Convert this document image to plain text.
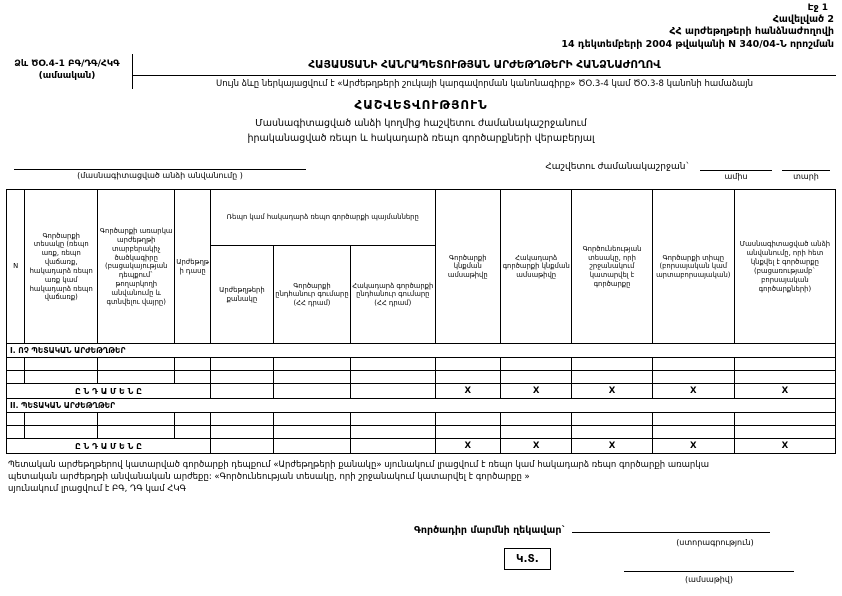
Էջ 1
Հավելված 2
ՀՀ արժեթղթերի հանձնաժողովի
14 դեկտեմբերի 2004 թվականի N 340/04-Ն որոշման
Ձև ԾՕ.4-1 ԲԳ/ԴԳ/ՀԿԳ
(ամսական)
ՀԱՅԱՍՏԱՆԻ ՀԱՆՐԱՊԵՏՈՒԹՅԱՆ ԱՐԺԵԹՂԹԵՐԻ ՀԱՆՁՆԱԺՈՂՈՎ
Սույն ձևը ներկայացվում է «Արժեթղթերի շուկայի կարգավորման կանոնագիրք» ԾՕ.3-4 կամ ԾՕ.3-8 կանոնի համաձայն
ՀԱՇՎԵՏՎՈՒԹՅՈՒՆ
Մասնագիտացված անձի կողմից հաշվետու ժամանակաշրջանում
իրականացված ռեպո և հակադարձ ռեպո գործարքների վերաբերյալ
(մասնագիտացված անձի անվանումը )
Հաշվետու ժամանակաշրջան`
ամիս	տարի
N	Գործարքի տեսակը (ռեպո առք, ռեպո վաճառք, հակադարձ ռեպո առք կամ հակադարձ ռեպո վաճառք)	Գործարքի առարկա արժեթղթի տարբերակիչ ծածկագիրը (բացակայության դեպքում` թողարկողի անվանումը և գտնվելու վայրը)	Արժեթղթի դասը	Ռեպո կամ հակադարձ ռեպո գործարքի պայմանները			Գործարքի կնքման ամսաթիվը	Հակադարձ գործարքի կնքման ամսաթիվը	Գործունեության տեսակը, որի շրջանակում կատարվել է գործարքը	Գործարքի տիպը (բորսայական կամ արտաբորսայական)	Մասնագիտացված անձի անվանումը, որի հետ կնքվել է գործարքը (բացառությամբ` բորսայական գործարքների)
				Արժեթղթերի քանակը	Գործարքի ընդհանուր գումարը (ՀՀ դրամ)	Հակադարձ գործարքի ընդհանուր գումարը (ՀՀ դրամ)					
I. ՈՉ ՊԵՏԱԿԱՆ ԱՐԺԵԹՂԹԵՐ											

Ը Ն Դ Ա Մ Ե Ն Ը							X	X	X	X	X
II. ՊԵՏԱԿԱՆ ԱՐԺԵԹՂԹԵՐ											

Ը Ն Դ Ա Մ Ե Ն Ը							X	X	X	X	X
Պետական արժեթղթերով կատարված գործարքի դեպքում «Արժեթղթերի քանակը» սյունակում լրացվում է ռեպո կամ հակադարձ ռեպո գործարքի առարկա
պետական արժեթղթի անվանական արժեքը: «Գործունեության տեսակը, որի շրջանակում կատարվել է գործարքը »
սյունակում լրացվում է ԲԳ, ԴԳ կամ ՀԿԳ
Գործադիր մարմնի ղեկավար`
(ստորագրություն)
Կ.Տ.
(ամսաթիվ)
